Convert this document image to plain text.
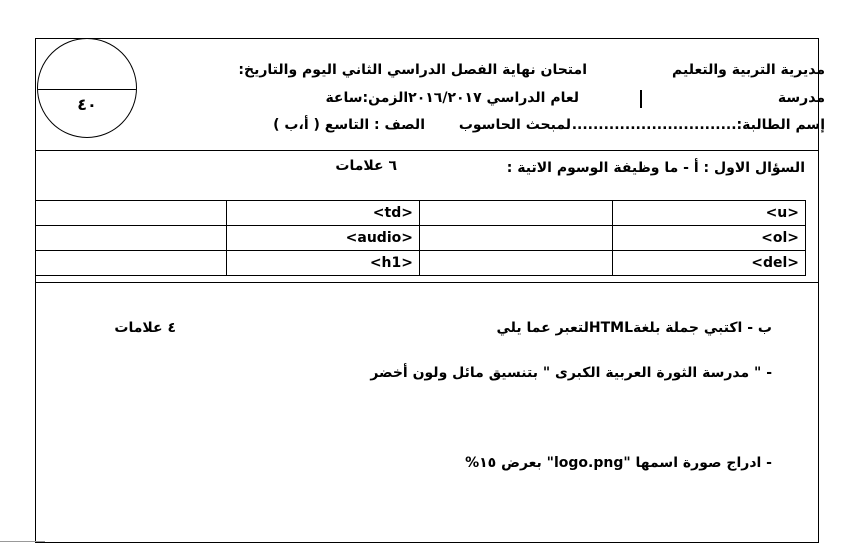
٤٠
مديرية التربية والتعليم
امتحان نهاية الفصل الدراسي الثاني اليوم والتاريخ:
مدرسة
لعام الدراسي ٢٠١٦/٢٠١٧الزمن:ساعة
إسم الطالبة:...............................
لمبحث الحاسوب
الصف : التاسع ( أ،ب )
السؤال الاول : أ - ما وظيفة الوسوم الاتية :
٦ علامات
	<td>		<u>
	<audio>		<ol>
	<h1>		<del>
ب - اكتبي جملة بلغةHTMLلتعبر عما يلي
٤ علامات
- " مدرسة الثورة العربية الكبرى " بتنسيق مائل ولون أخضر
- ادراج صورة اسمها "logo.png" بعرض ١٥%
